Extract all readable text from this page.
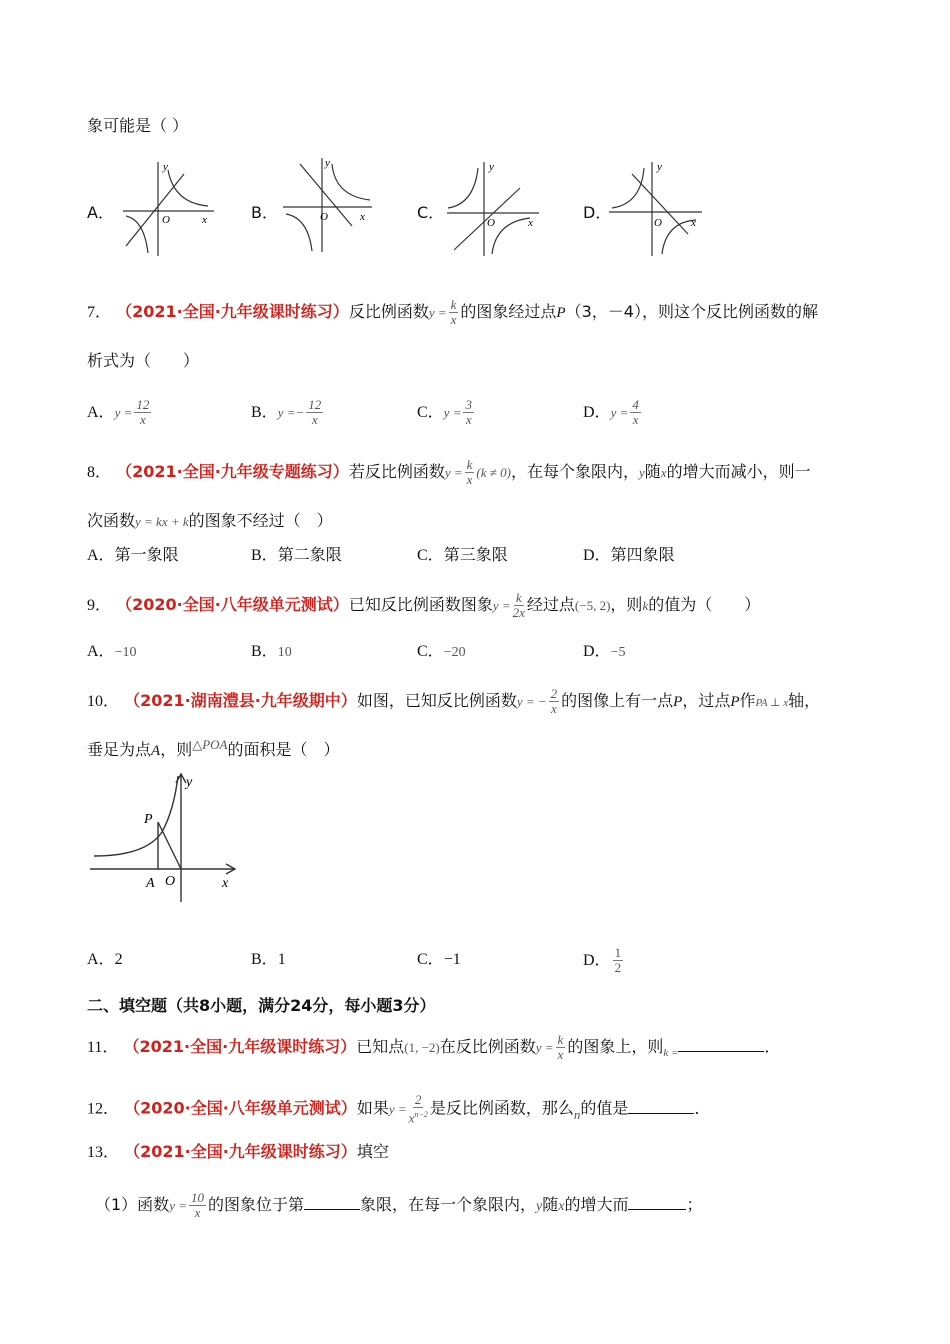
象可能是（ ）
A．
y
O	x	B．
y
O	x	C．
y
O	x
D．
y
O	x
7． （2021·全国·九年级课时练习）反比例函数$y = \frac{k}{x}$ 的图象经过点P（3，－4），则这个反比例函数的解
析式为（　　）
A．$y = \frac{12}{x}$	B．$y =- \frac{12}{x}$	C．$y = \frac{3}{x}$	D．$y = \frac{4}{x}$
8． （2021·全国·九年级专题练习）若反比例函数$y = \frac{k}{x} (k \ne 0)$，在每个象限内，y随x的增大而减小，则一
次函数y = kx + k的图象不经过（　）
A．第一象限	B．第二象限	C．第三象限	D．第四象限
9． （2020·全国·八年级单元测试）已知反比例函数图象$y = \frac{k}{2x}$ 经过点(−5, 2)，则k的值为（　　）
A．−10	B．10	C．−20	D．−5
10． （2021·湖南澧县·九年级期中）如图，已知反比例函数y = − $\frac{2}{x}$ 的图像上有一点P，过点P作PA ⊥ x轴，
垂足为点A，则$^{\triangle POA}$的面积是（　）
P
A O	x
y
A．2	B．1	C．−1	D． $\frac{1}{2}$
二、填空题（共8小题，满分24分，每小题3分）
11． （2021·全国·九年级课时练习）已知点(1, −2)在反比例函数$y = \frac{k}{x}$ 的图象上，则$_{k =}$	．
12． （2020·全国·八年级单元测试）如果$y = \frac{2}{x^{n-2}}$ 是反比例函数，那么$_n$的值是	．
13． （2021·全国·九年级课时练习）填空
（1）函数$y = \frac{10}{x}$ 的图象位于第	象限，在每一个象限内，y随x的增大而	；
